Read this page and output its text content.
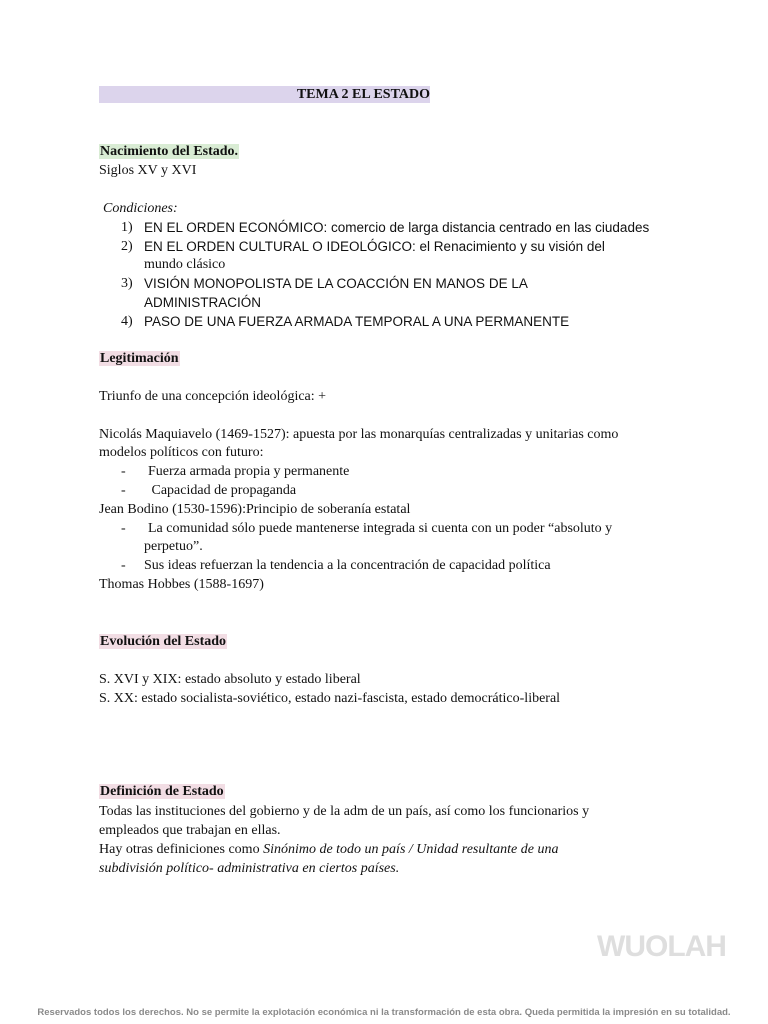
TEMA 2 EL ESTADO
Nacimiento del Estado.
Siglos XV y XVI
Condiciones:
1) EN EL ORDEN ECONÓMICO: comercio de larga distancia centrado en las ciudades
2) EN EL ORDEN CULTURAL O IDEOLÓGICO: el Renacimiento y su visión del
mundo clásico
3) VISIÓN MONOPOLISTA DE LA COACCIÓN EN MANOS DE LA
ADMINISTRACIÓN
4) PASO DE UNA FUERZA ARMADA TEMPORAL A UNA PERMANENTE
Legitimación
Triunfo de una concepción ideológica: +
Nicolás Maquiavelo (1469-1527): apuesta por las monarquías centralizadas y unitarias como
modelos políticos con futuro:
- Fuerza armada propia y permanente
- Capacidad de propaganda
Jean Bodino (1530-1596):Principio de soberanía estatal
- La comunidad sólo puede mantenerse integrada si cuenta con un poder “absoluto y
perpetuo”.
- Sus ideas refuerzan la tendencia a la concentración de capacidad política
Thomas Hobbes (1588-1697)
Evolución del Estado
S. XVI y XIX: estado absoluto y estado liberal
S. XX: estado socialista-soviético, estado nazi-fascista, estado democrático-liberal
Definición de Estado
Todas las instituciones del gobierno y de la adm de un país, así como los funcionarios y
empleados que trabajan en ellas.
Hay otras definiciones como Sinónimo de todo un país / Unidad resultante de una
subdivisión político- administrativa en ciertos países.
WUOLAH
Reservados todos los derechos. No se permite la explotación económica ni la transformación de esta obra. Queda permitida la impresión en su totalidad.
